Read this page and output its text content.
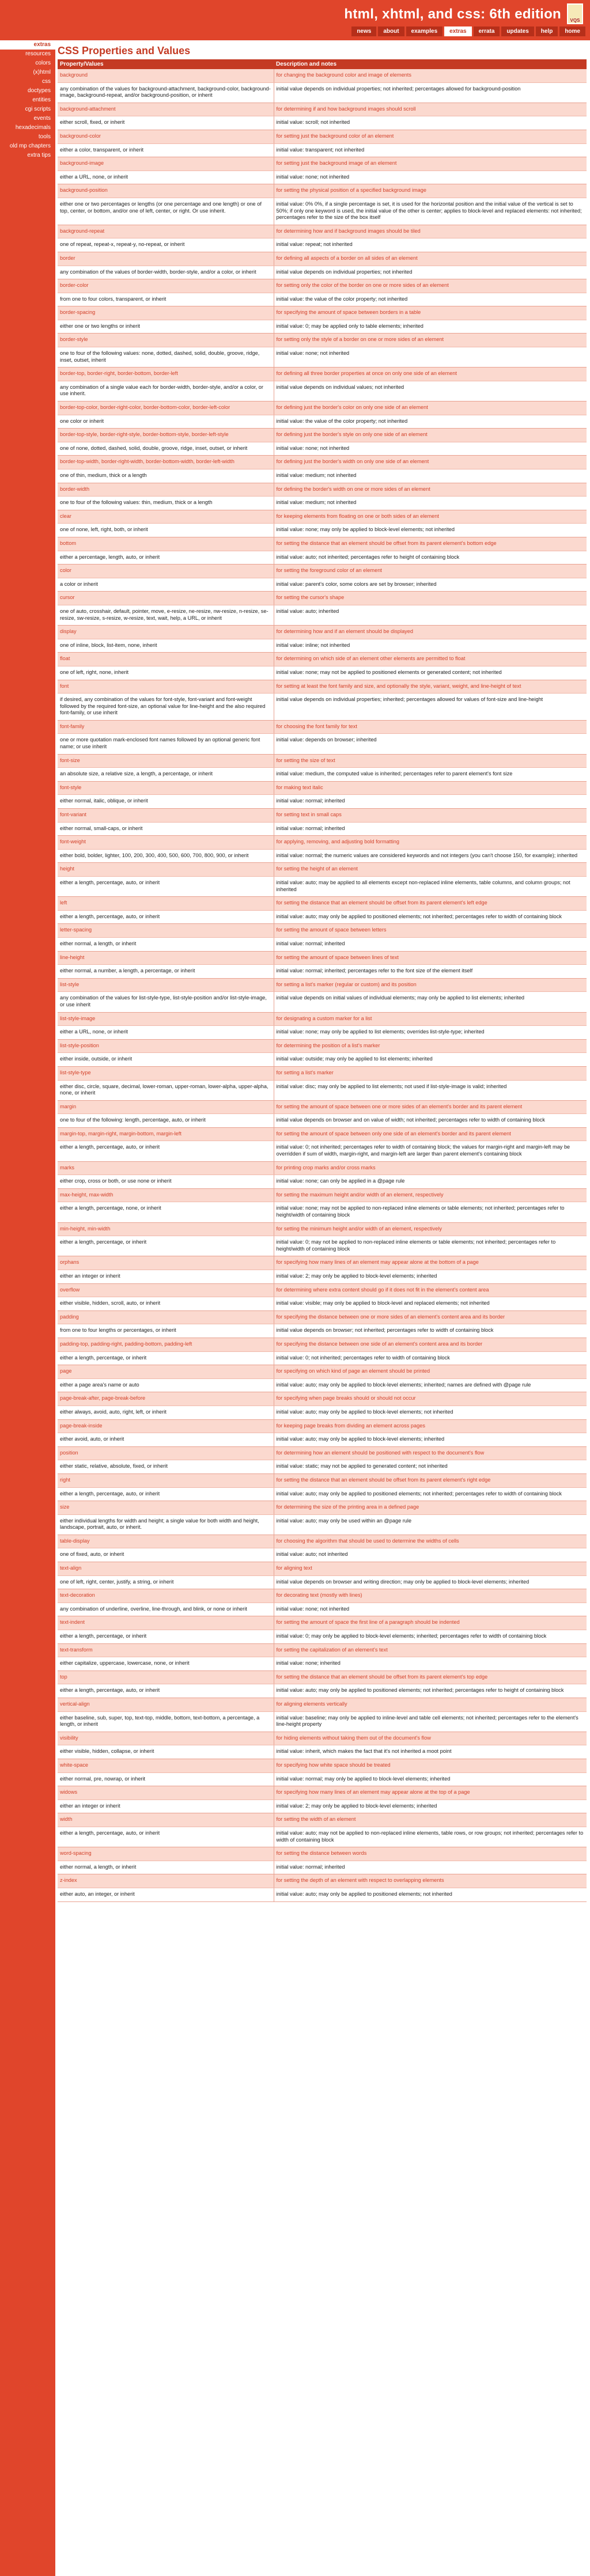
html, xhtml, and css: 6th edition VQS
news	about	examples	extras	errata	updates	help	home
extras
resources
colors
(x)html
css
doctypes
entities
cgi scripts
events
hexadecimals
tools
old mp chapters
extra tips
CSS Properties and Values
Property/Values	Description and notes
background	for changing the background color and image of elements
any combination of the values for background-attachment, background-color, background-image, background-repeat, and/or background-position, or inherit	initial value depends on individual properties; not inherited; percentages allowed for background-position
background-attachment	for determining if and how background images should scroll
either scroll, fixed, or inherit	initial value: scroll; not inherited
background-color	for setting just the background color of an element
either a color, transparent, or inherit	initial value: transparent; not inherited
background-image	for setting just the background image of an element
either a URL, none, or inherit	initial value: none; not inherited
background-position	for setting the physical position of a specified background image
either one or two percentages or lengths (or one percentage and one length) or one of top, center, or bottom, and/or one of left, center, or right. Or use inherit.	initial value: 0% 0%, if a single percentage is set, it is used for the horizontal position and the initial value of the vertical is set to 50%; if only one keyword is used, the initial value of the other is center; applies to block-level and replaced elements: not inherited; percentages refer to the size of the box itself
background-repeat	for determining how and if background images should be tiled
one of repeat, repeat-x, repeat-y, no-repeat, or inherit	initial value: repeat; not inherited
border	for defining all aspects of a border on all sides of an element
any combination of the values of border-width, border-style, and/or a color, or inherit	initial value depends on individual properties; not inherited
border-color	for setting only the color of the border on one or more sides of an element
from one to four colors, transparent, or inherit	initial value: the value of the color property; not inherited
border-spacing	for specifying the amount of space between borders in a table
either one or two lengths or inherit	initial value: 0; may be applied only to table elements; inherited
border-style	for setting only the style of a border on one or more sides of an element
one to four of the following values: none, dotted, dashed, solid, double, groove, ridge, inset, outset, inherit	initial value: none; not inherited
border-top, border-right, border-bottom, border-left	for defining all three border properties at once on only one side of an element
any combination of a single value each for border-width, border-style, and/or a color, or use inherit.	initial value depends on individual values; not inherited
border-top-color, border-right-color, border-bottom-color, border-left-color	for defining just the border's color on only one side of an element
one color or inherit	initial value: the value of the color property; not inherited
border-top-style, border-right-style, border-bottom-style, border-left-style	for defining just the border's style on only one side of an element
one of none, dotted, dashed, solid, double, groove, ridge, inset, outset, or inherit	initial value: none; not inherited
border-top-width, border-right-width, border-bottom-width, border-left-width	for defining just the border's width on only one side of an element
one of thin, medium, thick or a length	initial value: medium; not inherited
border-width	for defining the border's width on one or more sides of an element
one to four of the following values: thin, medium, thick or a length	initial value: medium; not inherited
clear	for keeping elements from floating on one or both sides of an element
one of none, left, right, both, or inherit	initial value: none; may only be applied to block-level elements; not inherited
bottom	for setting the distance that an element should be offset from its parent element's bottom edge
either a percentage, length, auto, or inherit	initial value: auto; not inherited; percentages refer to height of containing block
color	for setting the foreground color of an element
a color or inherit	initial value: parent's color, some colors are set by browser; inherited
cursor	for setting the cursor's shape
one of auto, crosshair, default, pointer, move, e-resize, ne-resize, nw-resize, n-resize, se-resize, sw-resize, s-resize, w-resize, text, wait, help, a URL, or inherit	initial value: auto; inherited
display	for determining how and if an element should be displayed
one of inline, block, list-item, none, inherit	initial value: inline; not inherited
float	for determining on which side of an element other elements are permitted to float
one of left, right, none, inherit	initial value: none; may not be applied to positioned elements or generated content; not inherited
font	for setting at least the font family and size, and optionally the style, variant, weight, and line-height of text
if desired, any combination of the values for font-style, font-variant and font-weight followed by the required font-size, an optional value for line-height and the also required font-family, or use inherit	initial value depends on individual properties; inherited; percentages allowed for values of font-size and line-height
font-family	for choosing the font family for text
one or more quotation mark-enclosed font names followed by an optional generic font name; or use inherit	initial value: depends on browser; inherited
font-size	for setting the size of text
an absolute size, a relative size, a length, a percentage, or inherit	initial value: medium, the computed value is inherited; percentages refer to parent element's font size
font-style	for making text italic
either normal, italic, oblique, or inherit	initial value: normal; inherited
font-variant	for setting text in small caps
either normal, small-caps, or inherit	initial value: normal; inherited
font-weight	for applying, removing, and adjusting bold formatting
either bold, bolder, lighter, 100, 200, 300, 400, 500, 600, 700, 800, 900, or inherit	initial value: normal; the numeric values are considered keywords and not integers (you can't choose 150, for example); inherited
height	for setting the height of an element
either a length, percentage, auto, or inherit	initial value: auto; may be applied to all elements except non-replaced inline elements, table columns, and column groups; not inherited
left	for setting the distance that an element should be offset from its parent element's left edge
either a length, percentage, auto, or inherit	initial value: auto; may only be applied to positioned elements; not inherited; percentages refer to width of containing block
letter-spacing	for setting the amount of space between letters
either normal, a length, or inherit	initial value: normal; inherited
line-height	for setting the amount of space between lines of text
either normal, a number, a length, a percentage, or inherit	initial value: normal; inherited; percentages refer to the font size of the element itself
list-style	for setting a list's marker (regular or custom) and its position
any combination of the values for list-style-type, list-style-position and/or list-style-image, or use inherit	initial value depends on initial values of individual elements; may only be applied to list elements; inherited
list-style-image	for designating a custom marker for a list
either a URL, none, or inherit	initial value: none; may only be applied to list elements; overrides list-style-type; inherited
list-style-position	for determining the position of a list's marker
either inside, outside, or inherit	initial value: outside; may only be applied to list elements; inherited
list-style-type	for setting a list's marker
either disc, circle, square, decimal, lower-roman, upper-roman, lower-alpha, upper-alpha, none, or inherit	initial value: disc; may only be applied to list elements; not used if list-style-image is valid; inherited
margin	for setting the amount of space between one or more sides of an element's border and its parent element
one to four of the following: length, percentage, auto, or inherit	initial value depends on browser and on value of width; not inherited; percentages refer to width of containing block
margin-top, margin-right, margin-bottom, margin-left	for setting the amount of space between only one side of an element's border and its parent element
either a length, percentage, auto, or inherit	initial value: 0; not inherited; percentages refer to width of containing block; the values for margin-right and margin-left may be overridden if sum of width, margin-right, and margin-left are larger than parent element's containing block
marks	for printing crop marks and/or cross marks
either crop, cross or both, or use none or inherit	initial value: none; can only be applied in a @page rule
max-height, max-width	for setting the maximum height and/or width of an element, respectively
either a length, percentage, none, or inherit	initial value: none; may not be applied to non-replaced inline elements or table elements; not inherited; percentages refer to height/width of containing block
min-height, min-width	for setting the minimum height and/or width of an element, respectively
either a length, percentage, or inherit	initial value: 0; may not be applied to non-replaced inline elements or table elements; not inherited; percentages refer to height/width of containing block
orphans	for specifying how many lines of an element may appear alone at the bottom of a page
either an integer or inherit	initial value: 2; may only be applied to block-level elements; inherited
overflow	for determining where extra content should go if it does not fit in the element's content area
either visible, hidden, scroll, auto, or inherit	initial value: visible; may only be applied to block-level and replaced elements; not inherited
padding	for specifying the distance between one or more sides of an element's content area and its border
from one to four lengths or percentages, or inherit	initial value depends on browser; not inherited; percentages refer to width of containing block
padding-top, padding-right, padding-bottom, padding-left	for specifying the distance between one side of an element's content area and its border
either a length, percentage, or inherit	initial value: 0; not inherited; percentages refer to width of containing block
page	for specifying on which kind of page an element should be printed
either a page area's name or auto	initial value: auto; may only be applied to block-level elements; inherited; names are defined with @page rule
page-break-after, page-break-before	for specifying when page breaks should or should not occur
either always, avoid, auto, right, left, or inherit	initial value: auto; may only be applied to block-level elements; not inherited
page-break-inside	for keeping page breaks from dividing an element across pages
either avoid, auto, or inherit	initial value: auto; may only be applied to block-level elements; inherited
position	for determining how an element should be positioned with respect to the document's flow
either static, relative, absolute, fixed, or inherit	initial value: static; may not be applied to generated content; not inherited
right	for setting the distance that an element should be offset from its parent element's right edge
either a length, percentage, auto, or inherit	initial value: auto; may only be applied to positioned elements; not inherited; percentages refer to width of containing block
size	for determining the size of the printing area in a defined page
either individual lengths for width and height; a single value for both width and height, landscape, portrait, auto, or inherit.	initial value: auto; may only be used within an @page rule
table-display	for choosing the algorithm that should be used to determine the widths of cells
one of fixed, auto, or inherit	initial value: auto; not inherited
text-align	for aligning text
one of left, right, center, justify, a string, or inherit	initial value depends on browser and writing direction; may only be applied to block-level elements; inherited
text-decoration	for decorating text (mostly with lines)
any combination of underline, overline, line-through, and blink, or none or inherit	initial value: none; not inherited
text-indent	for setting the amount of space the first line of a paragraph should be indented
either a length, percentage, or inherit	initial value: 0; may only be applied to block-level elements; inherited; percentages refer to width of containing block
text-transform	for setting the capitalization of an element's text
either capitalize, uppercase, lowercase, none, or inherit	initial value: none; inherited
top	for setting the distance that an element should be offset from its parent element's top edge
either a length, percentage, auto, or inherit	initial value: auto; may only be applied to positioned elements; not inherited; percentages refer to height of containing block
vertical-align	for aligning elements vertically
either baseline, sub, super, top, text-top, middle, bottom, text-bottom, a percentage, a length, or inherit	initial value: baseline; may only be applied to inline-level and table cell elements; not inherited; percentages refer to the element's line-height property
visibility	for hiding elements without taking them out of the document's flow
either visible, hidden, collapse, or inherit	initial value: inherit, which makes the fact that it's not inherited a moot point
white-space	for specifying how white space should be treated
either normal, pre, nowrap, or inherit	initial value: normal; may only be applied to block-level elements; inherited
widows	for specifying how many lines of an element may appear alone at the top of a page
either an integer or inherit	initial value: 2; may only be applied to block-level elements; inherited
width	for setting the width of an element
either a length, percentage, auto, or inherit	initial value: auto; may not be applied to non-replaced inline elements, table rows, or row groups; not inherited; percentages refer to width of containing block
word-spacing	for setting the distance between words
either normal, a length, or inherit	initial value: normal; inherited
z-index	for setting the depth of an element with respect to overlapping elements
either auto, an integer, or inherit	initial value: auto; may only be applied to positioned elements; not inherited
